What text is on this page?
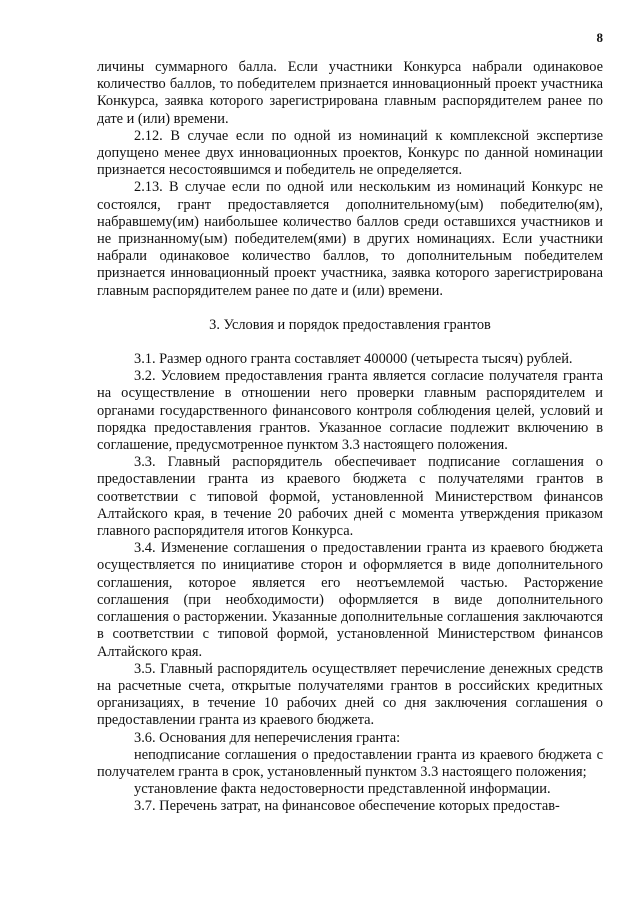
8

личины суммарного балла. Если участники Конкурса набрали одинаковое количество баллов, то победителем признается инновационный проект участника Конкурса, заявка которого зарегистрирована главным распорядителем ранее по дате и (или) времени.

2.12. В случае если по одной из номинаций к комплексной экспертизе допущено менее двух инновационных проектов, Конкурс по данной номинации признается несостоявшимся и победитель не определяется.

2.13. В случае если по одной или нескольким из номинаций Конкурс не состоялся, грант предоставляется дополнительному(ым) победителю(ям), набравшему(им) наибольшее количество баллов среди оставшихся участников и не признанному(ым) победителем(ями) в других номинациях. Если участники набрали одинаковое количество баллов, то дополнительным победителем признается инновационный проект участника, заявка которого зарегистрирована главным распорядителем ранее по дате и (или) времени.

3. Условия и порядок предоставления грантов

3.1. Размер одного гранта составляет 400000 (четыреста тысяч) рублей.

3.2. Условием предоставления гранта является согласие получателя гранта на осуществление в отношении него проверки главным распорядителем и органами государственного финансового контроля соблюдения целей, условий и порядка предоставления грантов. Указанное согласие подлежит включению в соглашение, предусмотренное пунктом 3.3 настоящего положения.

3.3. Главный распорядитель обеспечивает подписание соглашения о предоставлении гранта из краевого бюджета с получателями грантов в соответствии с типовой формой, установленной Министерством финансов Алтайского края, в течение 20 рабочих дней с момента утверждения приказом главного распорядителя итогов Конкурса.

3.4. Изменение соглашения о предоставлении гранта из краевого бюджета осуществляется по инициативе сторон и оформляется в виде дополнительного соглашения, которое является его неотъемлемой частью. Расторжение соглашения (при необходимости) оформляется в виде дополнительного соглашения о расторжении. Указанные дополнительные соглашения заключаются в соответствии с типовой формой, установленной Министерством финансов Алтайского края.

3.5. Главный распорядитель осуществляет перечисление денежных средств на расчетные счета, открытые получателями грантов в российских кредитных организациях, в течение 10 рабочих дней со дня заключения соглашения о предоставлении гранта из краевого бюджета.

3.6. Основания для неперечисления гранта:

неподписание соглашения о предоставлении гранта из краевого бюджета с получателем гранта в срок, установленный пунктом 3.3 настоящего положения;

установление факта недостоверности представленной информации.

3.7. Перечень затрат, на финансовое обеспечение которых предостав-
